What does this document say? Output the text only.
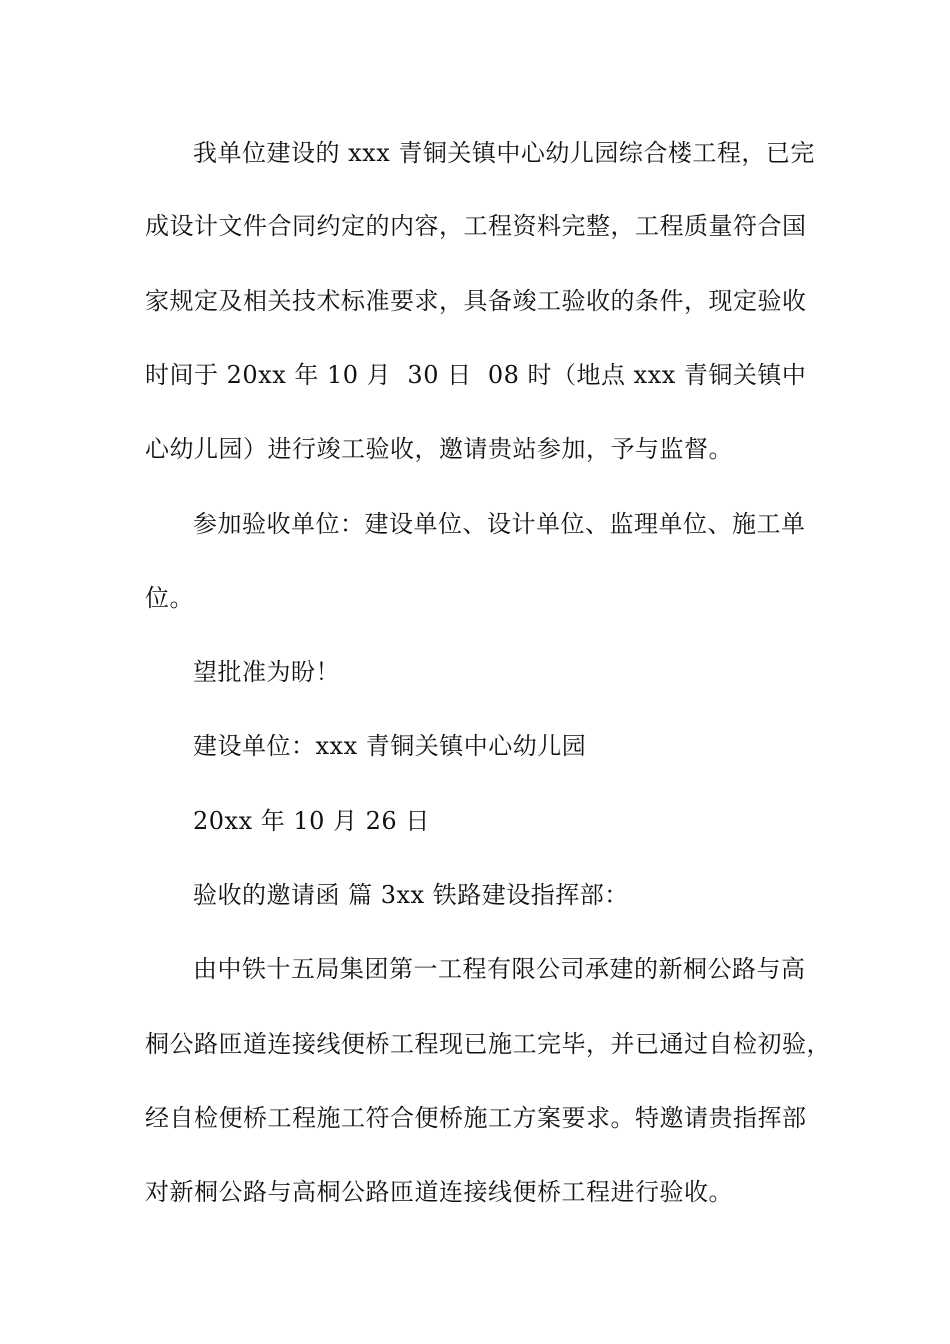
我单位建设的 xxx 青铜关镇中心幼儿园综合楼工程，已完
成设计文件合同约定的内容，工程资料完整，工程质量符合国
家规定及相关技术标准要求，具备竣工验收的条件，现定验收
时间于 20xx 年 10 月  30 日  08 时（地点 xxx 青铜关镇中
心幼儿园）进行竣工验收，邀请贵站参加，予与监督。
参加验收单位：建设单位、设计单位、监理单位、施工单
位。
望批准为盼！
建设单位：xxx 青铜关镇中心幼儿园
20xx 年 10 月 26 日
验收的邀请函 篇 3xx 铁路建设指挥部：
由中铁十五局集团第一工程有限公司承建的新桐公路与高
桐公路匝道连接线便桥工程现已施工完毕，并已通过自检初验，
经自检便桥工程施工符合便桥施工方案要求。特邀请贵指挥部
对新桐公路与高桐公路匝道连接线便桥工程进行验收。
